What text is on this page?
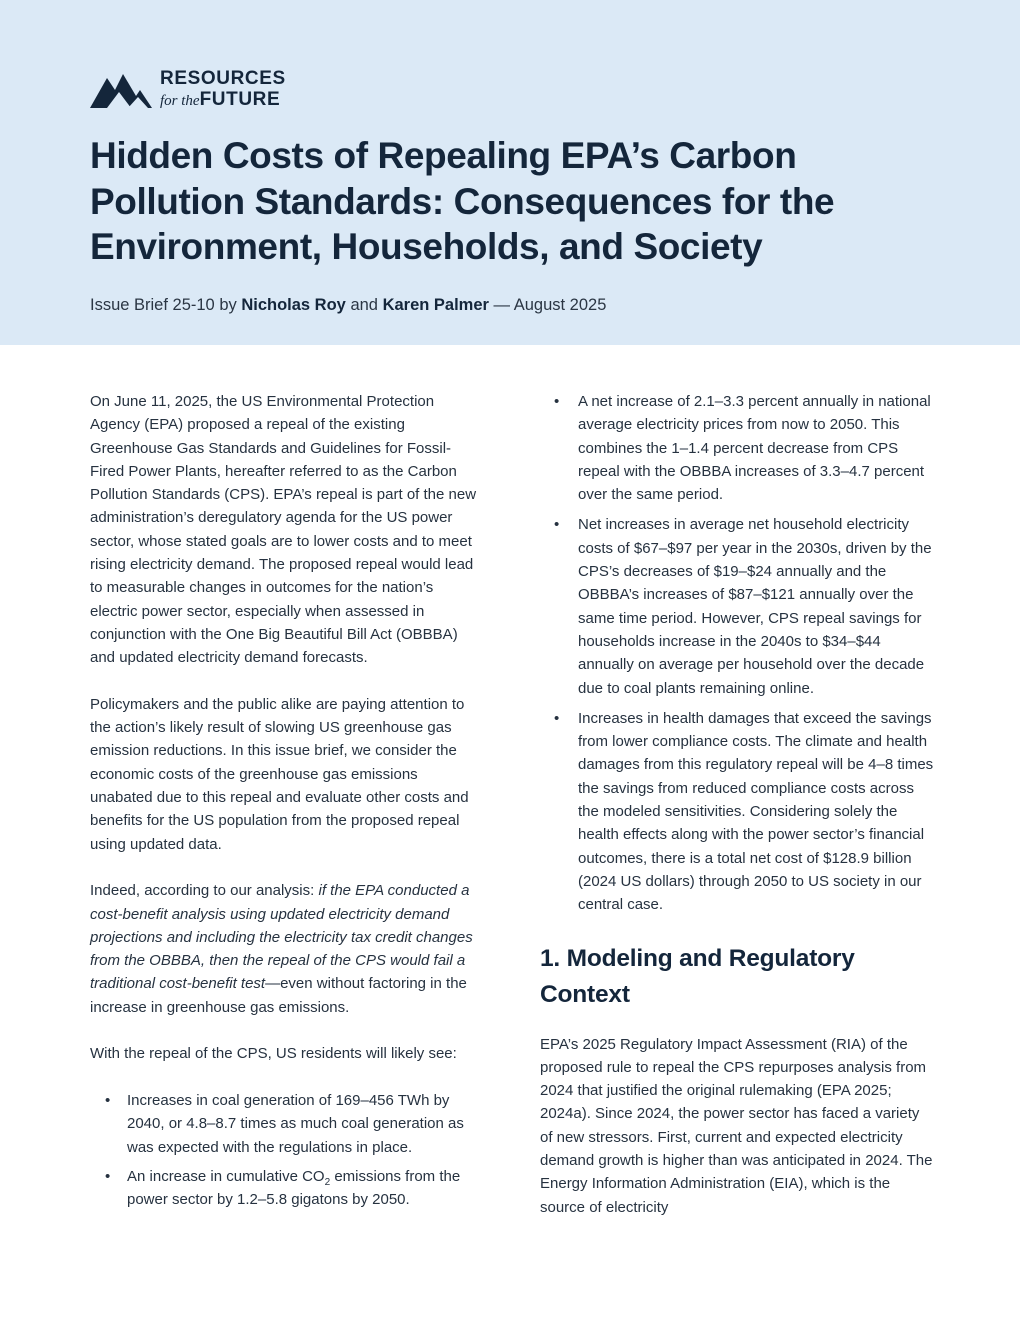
RESOURCES
for theFUTURE
Hidden Costs of Repealing EPA’s Carbon Pollution Standards: Consequences for the Environment, Households, and Society
Issue Brief 25-10 by Nicholas Roy and Karen Palmer — August 2025

On June 11, 2025, the US Environmental Protection Agency (EPA) proposed a repeal of the existing Greenhouse Gas Standards and Guidelines for Fossil-Fired Power Plants, hereafter referred to as the Carbon Pollution Standards (CPS). EPA’s repeal is part of the new administration’s deregulatory agenda for the US power sector, whose stated goals are to lower costs and to meet rising electricity demand. The proposed repeal would lead to measurable changes in outcomes for the nation’s electric power sector, especially when assessed in conjunction with the One Big Beautiful Bill Act (OBBBA) and updated electricity demand forecasts.

Policymakers and the public alike are paying attention to the action’s likely result of slowing US greenhouse gas emission reductions. In this issue brief, we consider the economic costs of the greenhouse gas emissions unabated due to this repeal and evaluate other costs and benefits for the US population from the proposed repeal using updated data.

Indeed, according to our analysis: if the EPA conducted a cost-benefit analysis using updated electricity demand projections and including the electricity tax credit changes from the OBBBA, then the repeal of the CPS would fail a traditional cost-benefit test—even without factoring in the increase in greenhouse gas emissions.

With the repeal of the CPS, US residents will likely see:

• Increases in coal generation of 169–456 TWh by 2040, or 4.8–8.7 times as much coal generation as was expected with the regulations in place.
• An increase in cumulative $CO_2$ emissions from the power sector by 1.2–5.8 gigatons by 2050.
• A net increase of 2.1–3.3 percent annually in national average electricity prices from now to 2050. This combines the 1–1.4 percent decrease from CPS repeal with the OBBBA increases of 3.3–4.7 percent over the same period.
• Net increases in average net household electricity costs of $67–$97 per year in the 2030s, driven by the CPS’s decreases of $19–$24 annually and the OBBBA’s increases of $87–$121 annually over the same time period. However, CPS repeal savings for households increase in the 2040s to $34–$44 annually on average per household over the decade due to coal plants remaining online.
• Increases in health damages that exceed the savings from lower compliance costs. The climate and health damages from this regulatory repeal will be 4–8 times the savings from reduced compliance costs across the modeled sensitivities. Considering solely the health effects along with the power sector’s financial outcomes, there is a total net cost of $128.9 billion (2024 US dollars) through 2050 to US society in our central case.
1. Modeling and Regulatory Context

EPA’s 2025 Regulatory Impact Assessment (RIA) of the proposed rule to repeal the CPS repurposes analysis from 2024 that justified the original rulemaking (EPA 2025; 2024a). Since 2024, the power sector has faced a variety of new stressors. First, current and expected electricity demand growth is higher than was anticipated in 2024. The Energy Information Administration (EIA), which is the source of electricity
